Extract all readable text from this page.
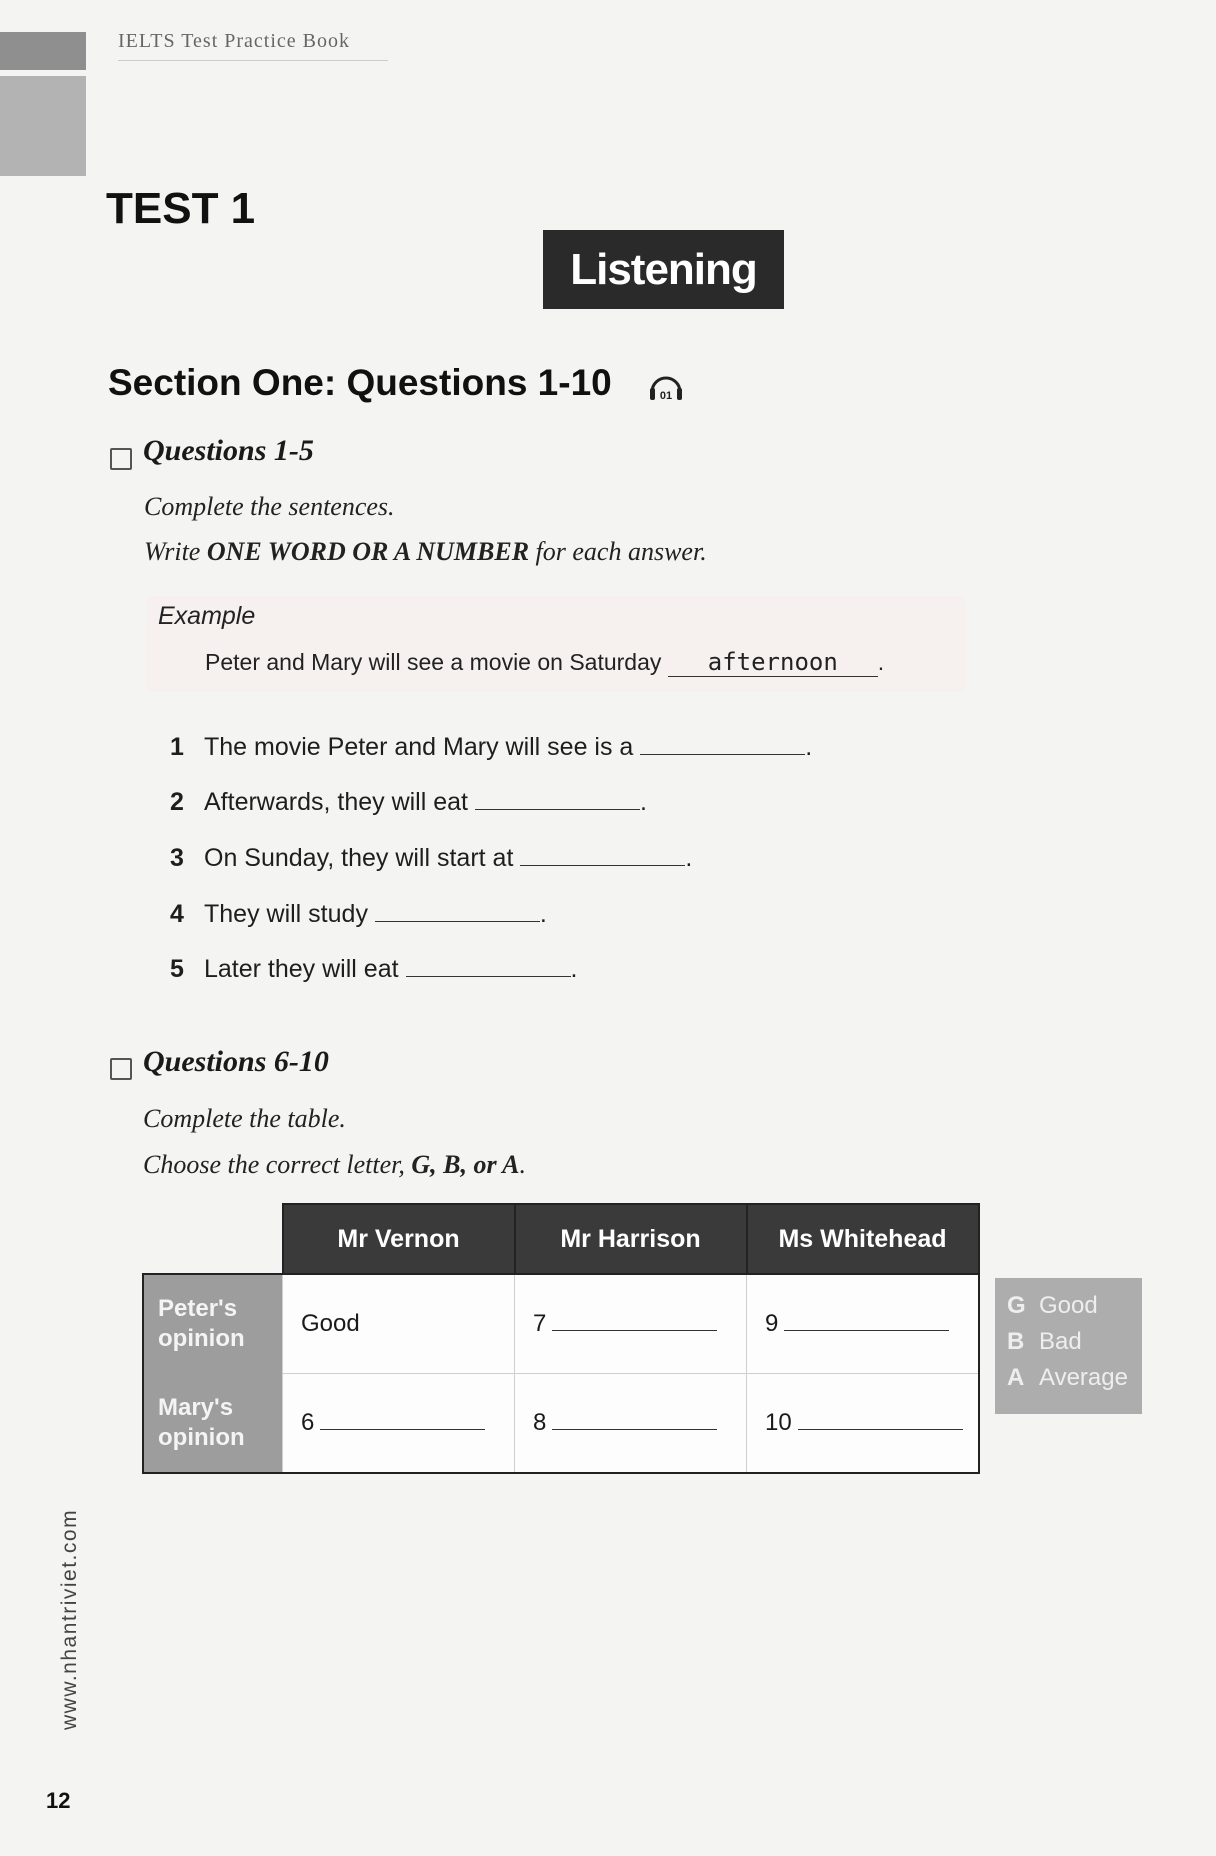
IELTS Test Practice Book
TEST 1
Listening
Section One: Questions 1-10	01
Questions 1-5
Complete the sentences.
Write ONE WORD OR A NUMBER for each answer.
Example
Peter and Mary will see a movie on Saturday afternoon .
1 The movie Peter and Mary will see is a	.
2 Afterwards, they will eat	.
3 On Sunday, they will start at	.
4 They will study	.
5 Later they will eat	.
Questions 6-10
Complete the table.
Choose the correct letter, G, B, or A.
	Mr Vernon	Mr Harrison	Ms Whitehead
Peter's opinion	Good	7	9
Mary's opinion	6	8	10
G Good
B Bad
A Average
www.nhantriviet.com
12
